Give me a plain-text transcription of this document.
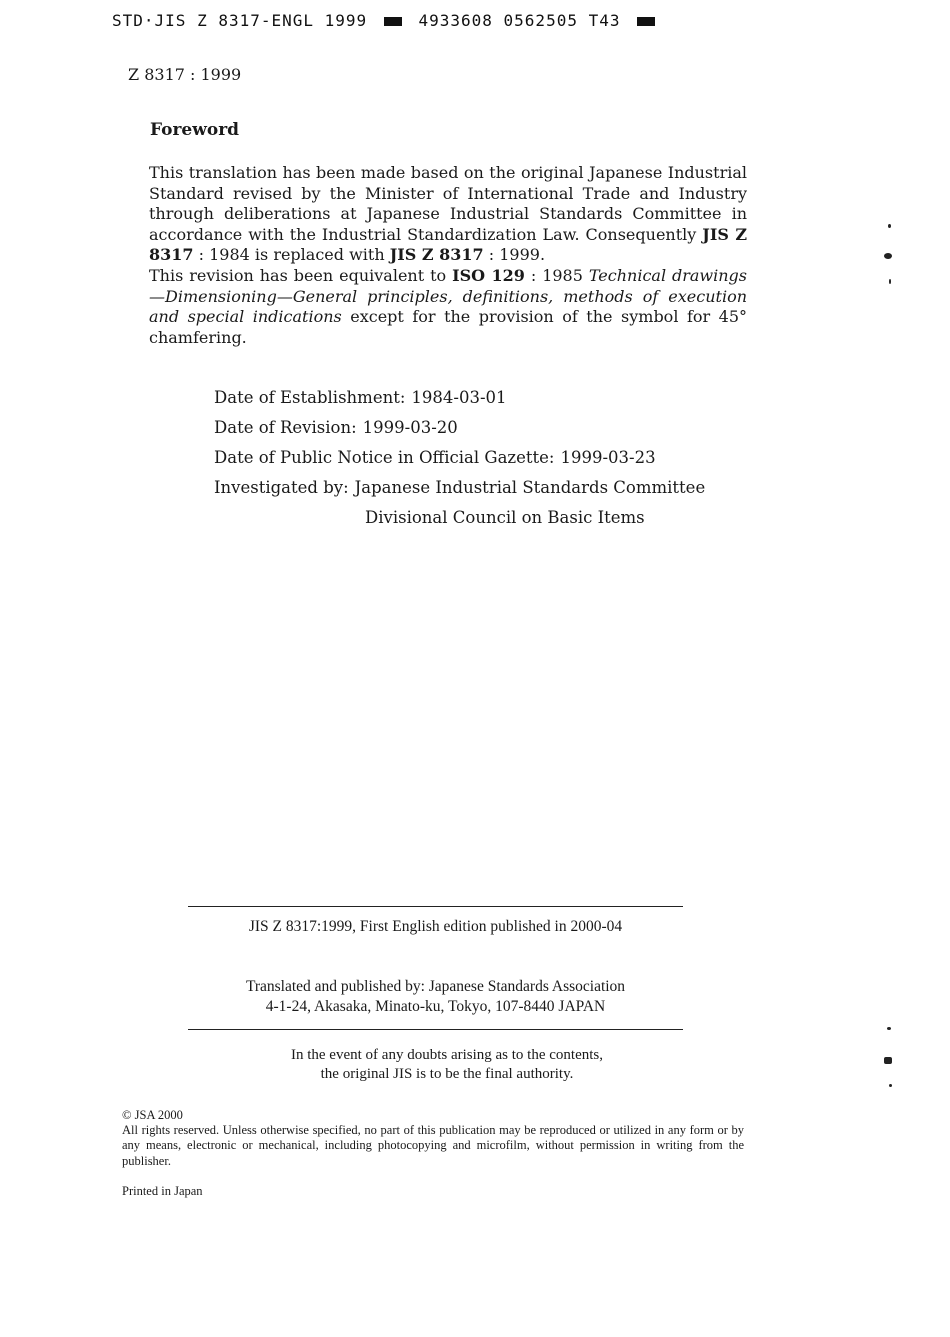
STD·JIS Z 8317-ENGL 1999	4933608 0562505 T43
Z 8317 : 1999
Foreword

This translation has been made based on the original Japanese Industrial Standard revised by the Minister of International Trade and Industry through deliberations at Japanese Industrial Standards Committee in accordance with the Industrial Standardization Law. Consequently JIS Z 8317 : 1984 is replaced with JIS Z 8317 : 1999.

This revision has been equivalent to ISO 129 : 1985 Technical drawings—Dimensioning—General principles, definitions, methods of execution and special indications except for the provision of the symbol for 45° chamfering.

Date of Establishment: 1984-03-01
Date of Revision: 1999-03-20
Date of Public Notice in Official Gazette: 1999-03-23
Investigated by: Japanese Industrial Standards Committee
Divisional Council on Basic Items
JIS Z 8317:1999, First English edition published in 2000-04
Translated and published by: Japanese Standards Association
4-1-24, Akasaka, Minato-ku, Tokyo, 107-8440 JAPAN
In the event of any doubts arising as to the contents,
the original JIS is to be the final authority.
© JSA 2000
All rights reserved. Unless otherwise specified, no part of this publication may be reproduced or utilized in any form or by any means, electronic or mechanical, including photocopying and microfilm, without permission in writing from the publisher.
Printed in Japan
